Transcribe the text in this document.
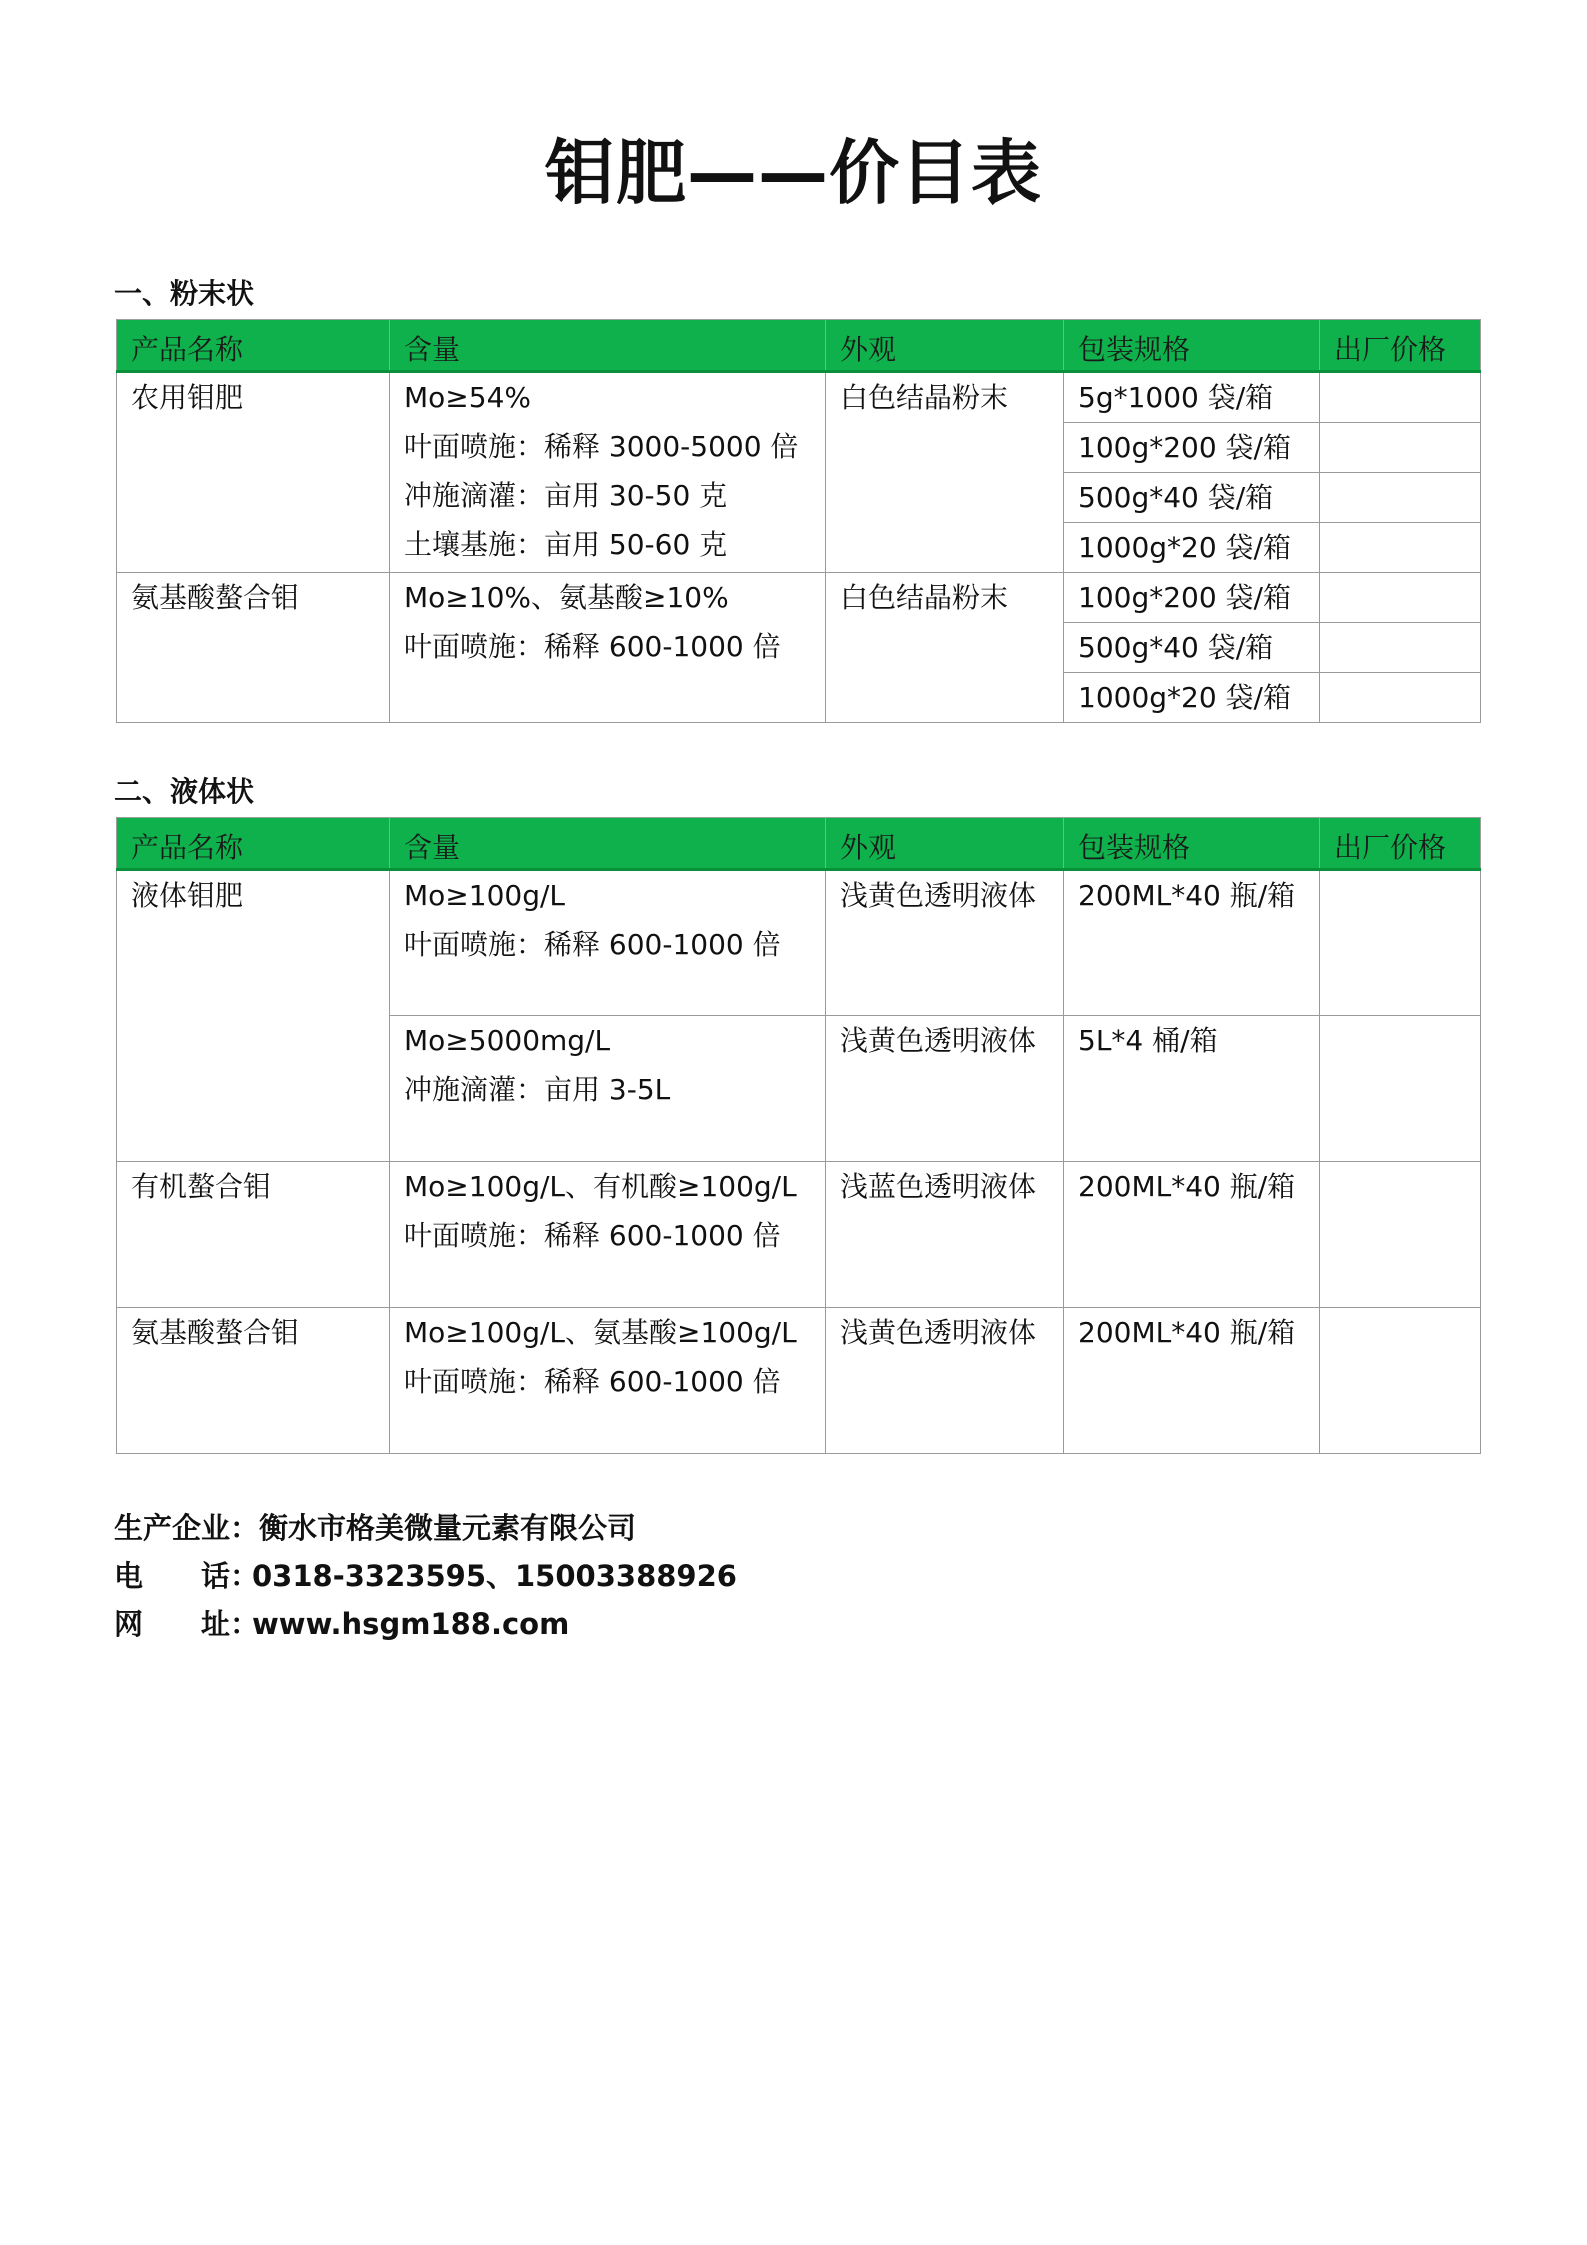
钼肥——价目表
一、粉末状
产品名称	含量	外观	包装规格	出厂价格

农用钼肥	Mo≥54%
叶面喷施：稀释 3000-5000 倍
冲施滴灌：亩用 30-50 克
土壤基施：亩用 50-60 克	白色结晶粉末	5g*1000 袋/箱	
			100g*200 袋/箱	
			500g*40 袋/箱	
			1000g*20 袋/箱	

氨基酸螯合钼	Mo≥10%、氨基酸≥10%
叶面喷施：稀释 600-1000 倍	白色结晶粉末	100g*200 袋/箱	
			500g*40 袋/箱	
			1000g*20 袋/箱	
二、液体状
产品名称	含量	外观	包装规格	出厂价格

液体钼肥	Mo≥100g/L
叶面喷施：稀释 600-1000 倍	浅黄色透明液体	200ML*40 瓶/箱	

	Mo≥5000mg/L
冲施滴灌：亩用 3-5L	浅黄色透明液体	5L*4 桶/箱	

有机螯合钼	Mo≥100g/L、有机酸≥100g/L
叶面喷施：稀释 600-1000 倍	浅蓝色透明液体	200ML*40 瓶/箱	

氨基酸螯合钼	Mo≥100g/L、氨基酸≥100g/L
叶面喷施：稀释 600-1000 倍	浅黄色透明液体	200ML*40 瓶/箱	

生产企业： 衡水市格美微量元素有限公司
电　　话：
0318-3323595、15003388926
网　　址：
www.hsgm188.com
